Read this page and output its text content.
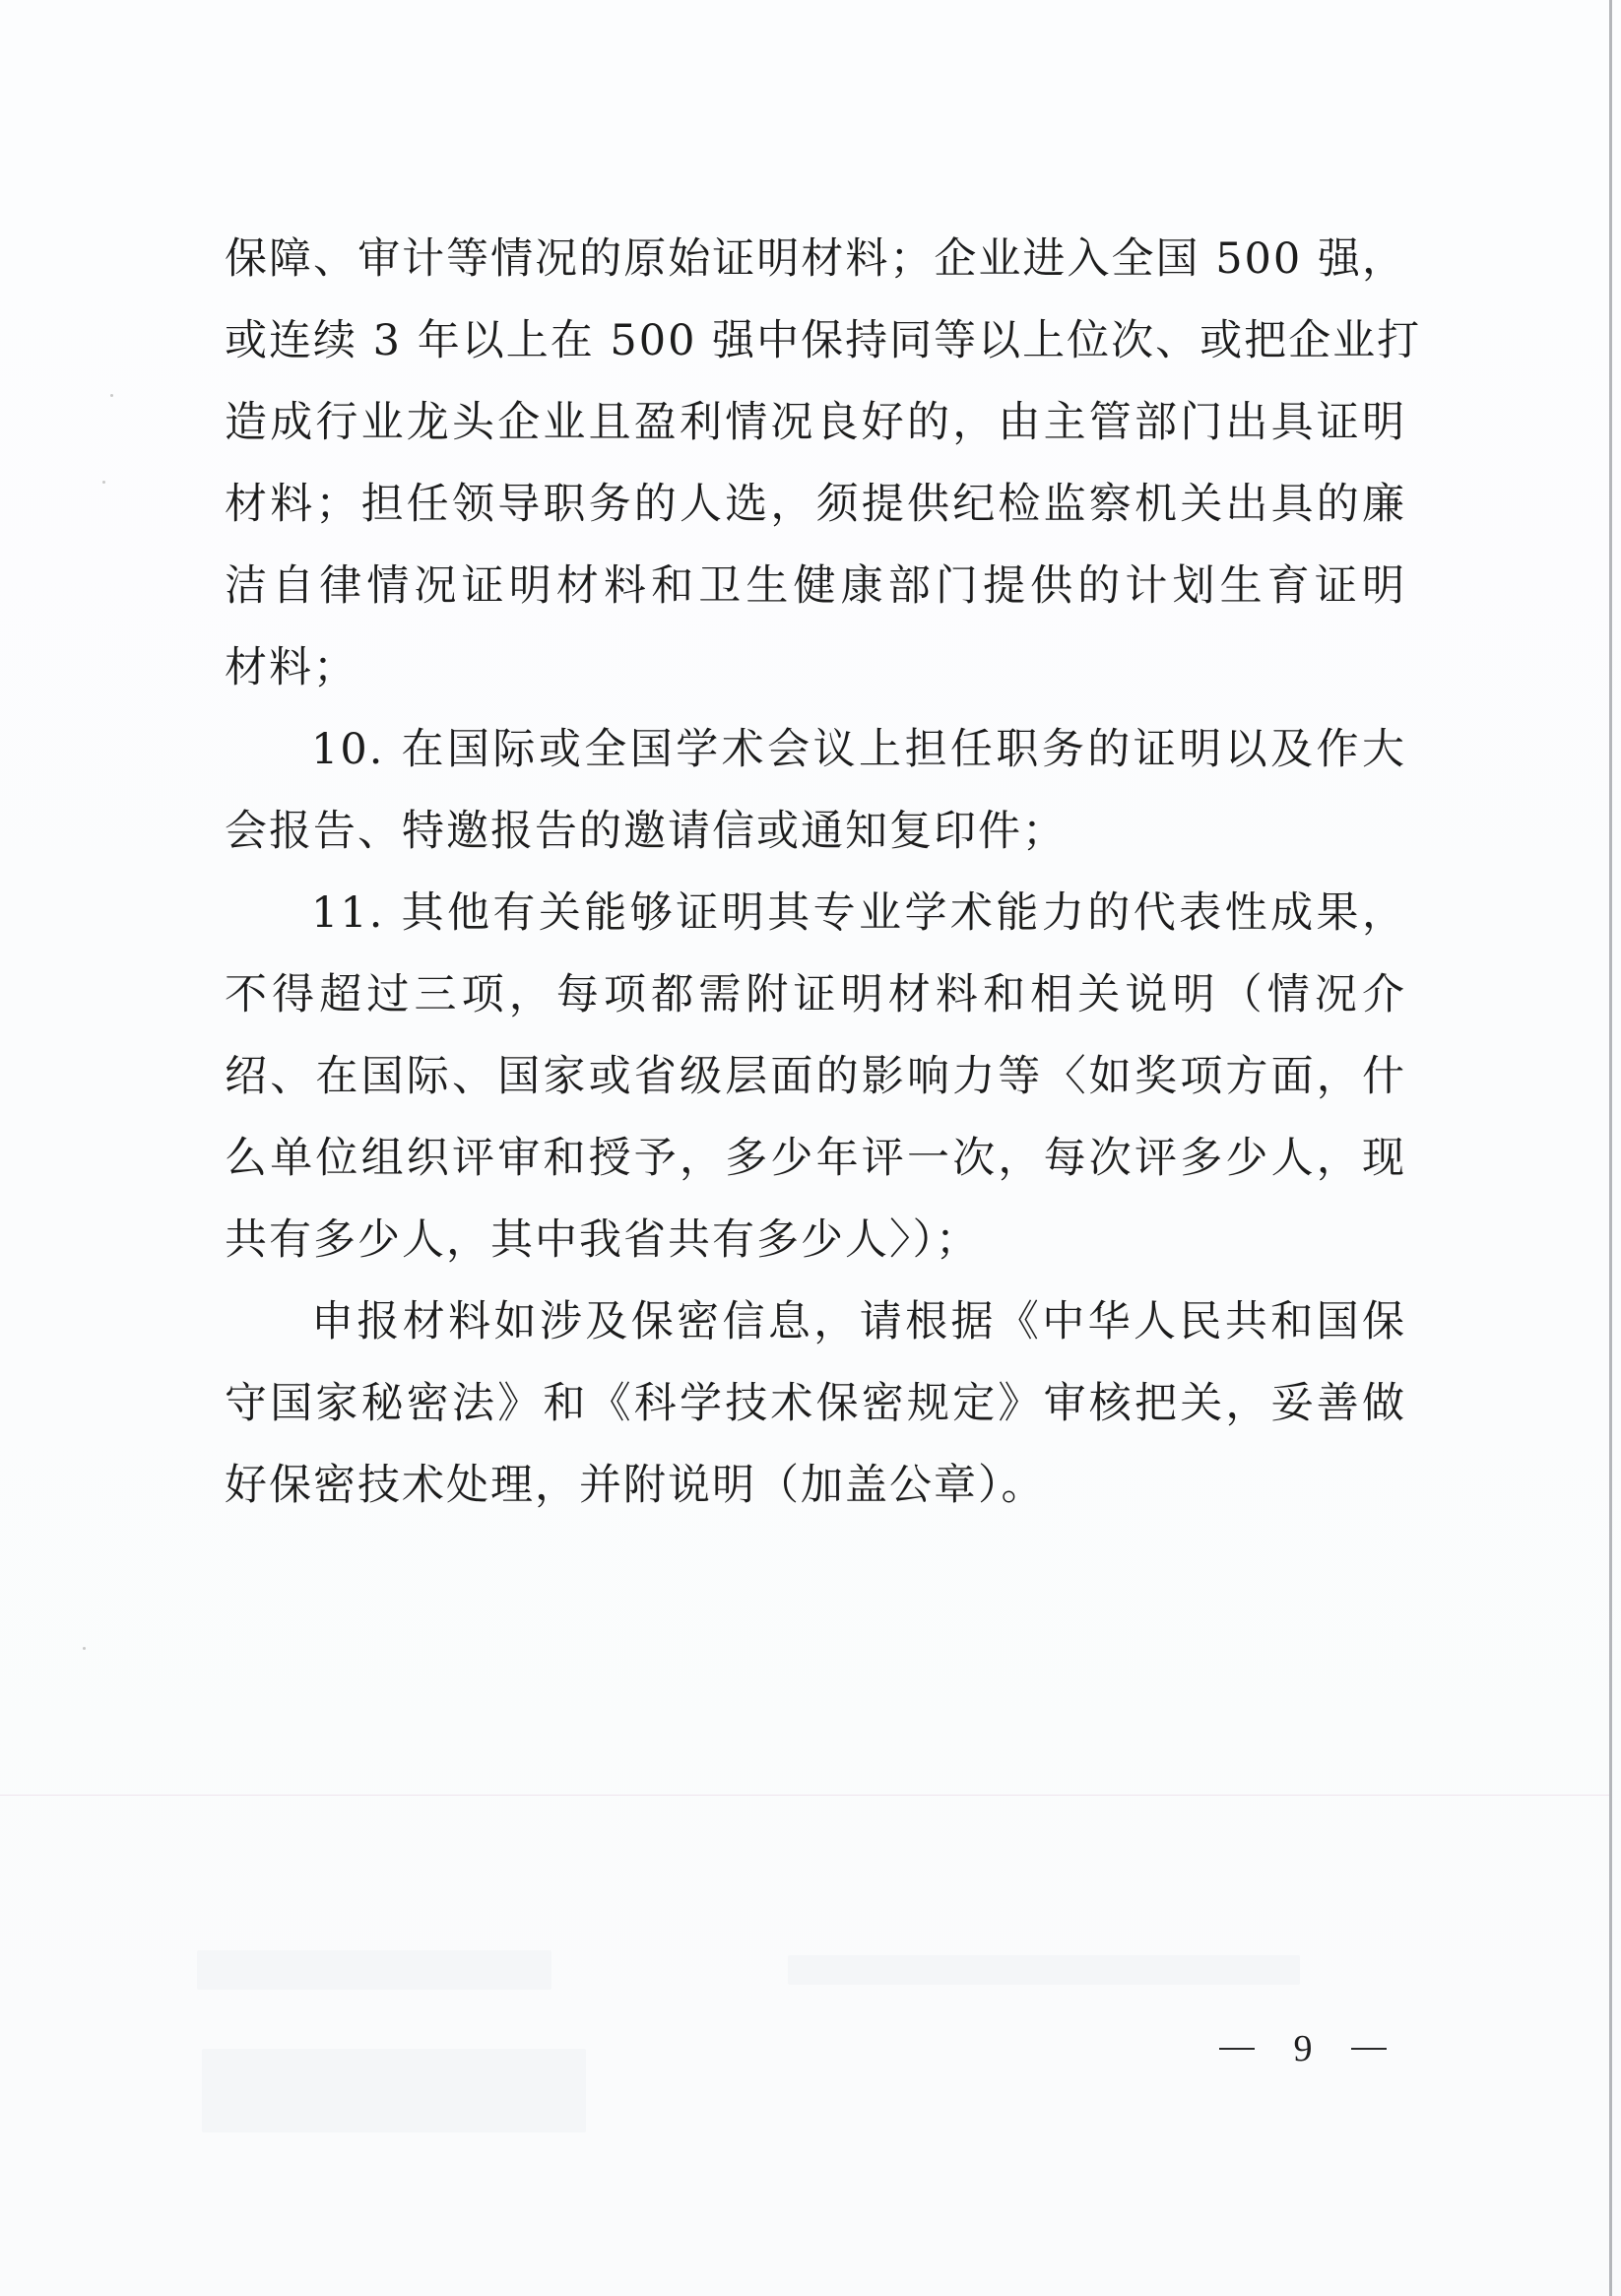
保障、审计等情况的原始证明材料；企业进入全国 500 强，
或连续 3 年以上在 500 强中保持同等以上位次、或把企业打
造成行业龙头企业且盈利情况良好的，由主管部门出具证明
材料；担任领导职务的人选，须提供纪检监察机关出具的廉
洁自律情况证明材料和卫生健康部门提供的计划生育证明
材料；
10. 在国际或全国学术会议上担任职务的证明以及作大
会报告、特邀报告的邀请信或通知复印件；
11. 其他有关能够证明其专业学术能力的代表性成果，
不得超过三项，每项都需附证明材料和相关说明（情况介
绍、在国际、国家或省级层面的影响力等〈如奖项方面，什
么单位组织评审和授予，多少年评一次，每次评多少人，现
共有多少人，其中我省共有多少人〉）；
申报材料如涉及保密信息，请根据《中华人民共和国保
守国家秘密法》和《科学技术保密规定》审核把关，妥善做
好保密技术处理，并附说明（加盖公章）。
9
